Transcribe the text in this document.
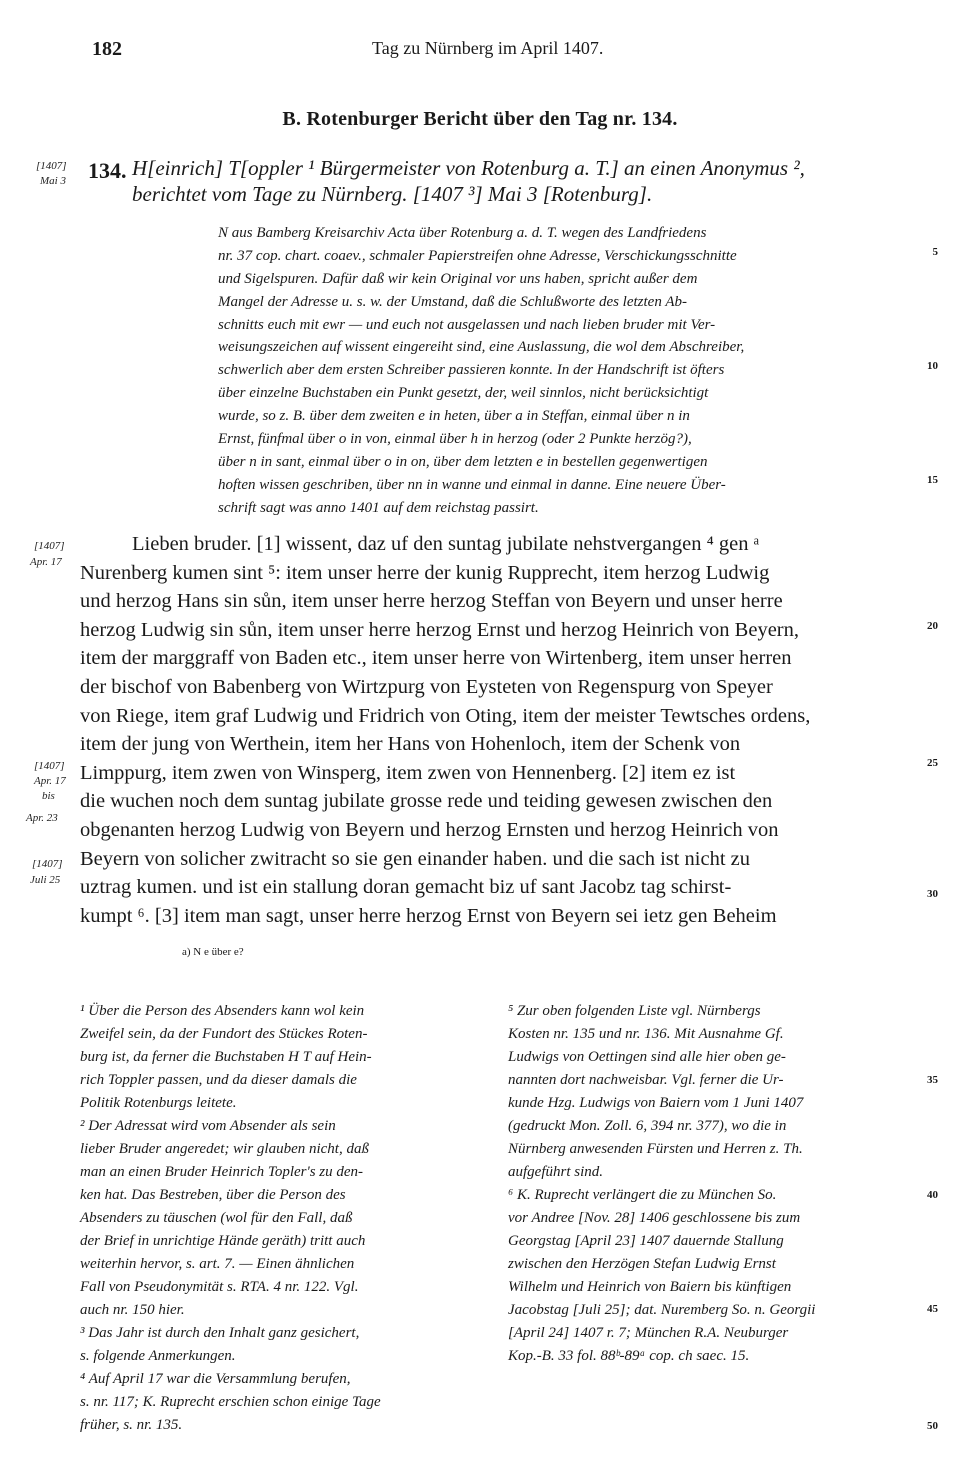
182	Tag zu Nürnberg im April 1407.
B. Rotenburger Bericht über den Tag nr. 134.
[1407]
Mai 3 134. H[einrich] T[oppler ¹ Bürgermeister von Rotenburg a. T.] an einen Anonymus ²,
berichtet vom Tage zu Nürnberg. [1407 ³] Mai 3 [Rotenburg].
N aus Bamberg Kreisarchiv Acta über Rotenburg a. d. T. wegen des Landfriedens
nr. 37 cop. chart. coaev., schmaler Papierstreifen ohne Adresse, Verschickungsschnitte
und Sigelspuren. Dafür daß wir kein Original vor uns haben, spricht außer dem
Mangel der Adresse u. s. w. der Umstand, daß die Schlußworte des letzten Ab-
schnitts euch mit ewr — und euch not ausgelassen und nach lieben bruder mit Ver-
weisungszeichen auf wissent eingereiht sind, eine Auslassung, die wol dem Abschreiber,
schwerlich aber dem ersten Schreiber passieren konnte. In der Handschrift ist öfters
über einzelne Buchstaben ein Punkt gesetzt, der, weil sinnlos, nicht berücksichtigt
wurde, so z. B. über dem zweiten e in heten, über a in Steffan, einmal über n in
Ernst, fünfmal über o in von, einmal über h in herzog (oder 2 Punkte herzög?),
über n in sant, einmal über o in on, über dem letzten e in bestellen gegenwertigen
hoften wissen geschriben, über nn in wanne und einmal in danne. Eine neuere Über-
schrift sagt was anno 1401 auf dem reichstag passirt.
5
10
15
20
25
30
35
40
45
50
[1407]
Apr. 17
[1407]
Apr. 17
bis
Apr. 23
[1407]
Juli 25
Lieben bruder. [1] wissent, daz uf den suntag jubilate nehstvergangen ⁴ gen ᵃ
Nurenberg kumen sint ⁵: item unser herre der kunig Rupprecht, item herzog Ludwig
und herzog Hans sin sůn, item unser herre herzog Steffan von Beyern und unser herre
herzog Ludwig sin sůn, item unser herre herzog Ernst und herzog Heinrich von Beyern,
item der marggraff von Baden etc., item unser herre von Wirtenberg, item unser herren
der bischof von Babenberg von Wirtzpurg von Eysteten von Regenspurg von Speyer
von Riege, item graf Ludwig und Fridrich von Oting, item der meister Tewtsches ordens,
item der jung von Werthein, item her Hans von Hohenloch, item der Schenk von
Limppurg, item zwen von Winsperg, item zwen von Hennenberg. [2] item ez ist
die wuchen noch dem suntag jubilate grosse rede und teiding gewesen zwischen den
obgenanten herzog Ludwig von Beyern und herzog Ernsten und herzog Heinrich von
Beyern von solicher zwitracht so sie gen einander haben. und die sach ist nicht zu
uztrag kumen. und ist ein stallung doran gemacht biz uf sant Jacobz tag schirst-
kumpt ⁶. [3] item man sagt, unser herre herzog Ernst von Beyern sei ietz gen Beheim
a) N e über e?
¹ Über die Person des Absenders kann wol kein
Zweifel sein, da der Fundort des Stückes Roten-
burg ist, da ferner die Buchstaben H T auf Hein-
rich Toppler passen, und da dieser damals die
Politik Rotenburgs leitete.
² Der Adressat wird vom Absender als sein
lieber Bruder angeredet; wir glauben nicht, daß
man an einen Bruder Heinrich Topler's zu den-
ken hat. Das Bestreben, über die Person des
Absenders zu täuschen (wol für den Fall, daß
der Brief in unrichtige Hände geräth) tritt auch
weiterhin hervor, s. art. 7. — Einen ähnlichen
Fall von Pseudonymität s. RTA. 4 nr. 122. Vgl.
auch nr. 150 hier.
³ Das Jahr ist durch den Inhalt ganz gesichert,
s. folgende Anmerkungen.
⁴ Auf April 17 war die Versammlung berufen,
s. nr. 117; K. Ruprecht erschien schon einige Tage
früher, s. nr. 135.
⁵ Zur oben folgenden Liste vgl. Nürnbergs
Kosten nr. 135 und nr. 136. Mit Ausnahme Gf.
Ludwigs von Oettingen sind alle hier oben ge-
nannten dort nachweisbar. Vgl. ferner die Ur-
kunde Hzg. Ludwigs von Baiern vom 1 Juni 1407
(gedruckt Mon. Zoll. 6, 394 nr. 377), wo die in
Nürnberg anwesenden Fürsten und Herren z. Th.
aufgeführt sind.
⁶ K. Ruprecht verlängert die zu München So.
vor Andree [Nov. 28] 1406 geschlossene bis zum
Georgstag [April 23] 1407 dauernde Stallung
zwischen den Herzögen Stefan Ludwig Ernst
Wilhelm und Heinrich von Baiern bis künftigen
Jacobstag [Juli 25]; dat. Nuremberg So. n. Georgii
[April 24] 1407 r. 7; München R.A. Neuburger
Kop.-B. 33 fol. 88ᵇ-89ᵃ cop. ch saec. 15.
